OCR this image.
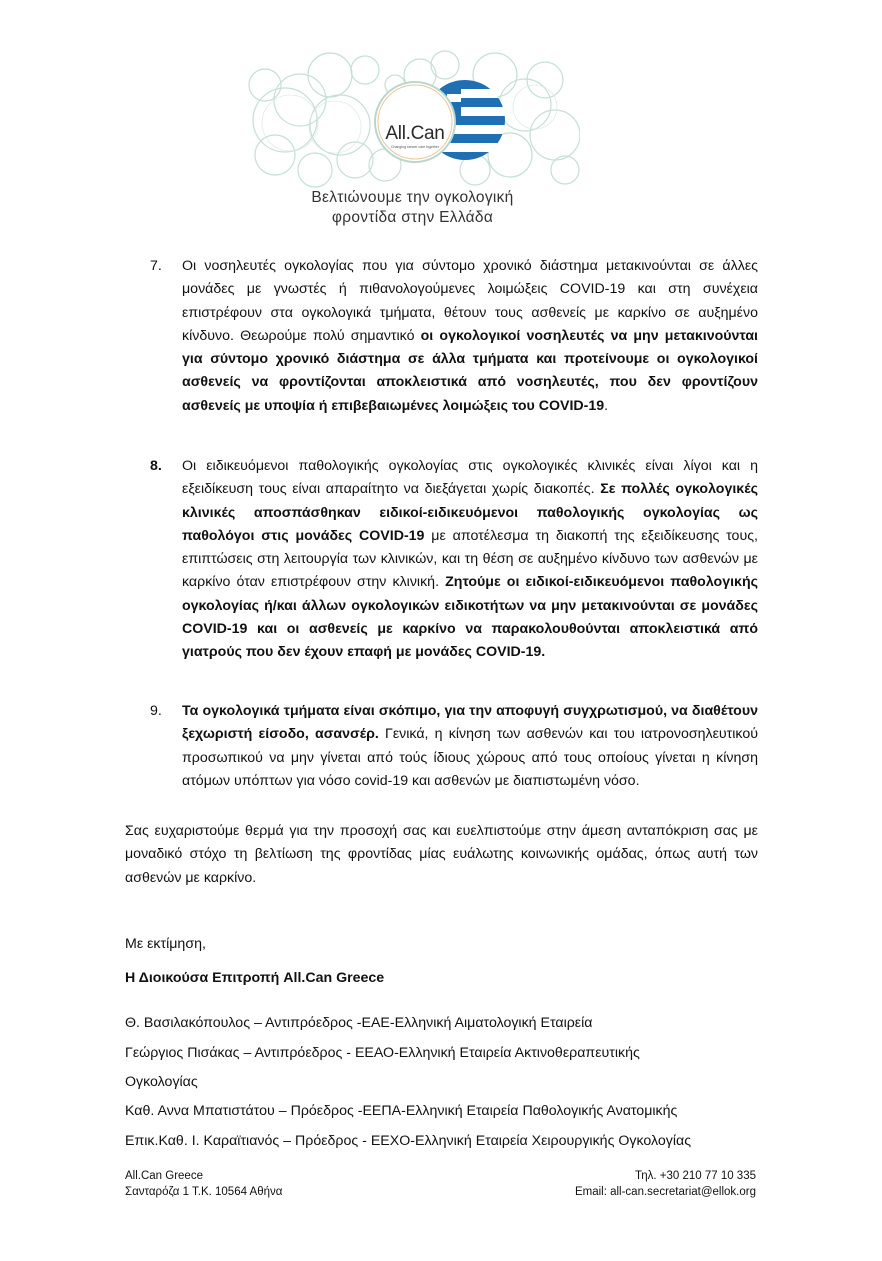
All.Can
Changing cancer care together
Βελτιώνουμε την ογκολογική
φροντίδα στην Ελλάδα
7.	Οι νοσηλευτές ογκολογίας που για σύντομο χρονικό διάστημα μετακινούνται σε άλλες μονάδες με γνωστές ή πιθανολογούμενες λοιμώξεις COVID-19 και στη συνέχεια επιστρέφουν στα ογκολογικά τμήματα, θέτουν τους ασθενείς με καρκίνο σε αυξημένο κίνδυνο. Θεωρούμε πολύ σημαντικό οι ογκολογικοί νοσηλευτές να μην μετακινούνται για σύντομο χρονικό διάστημα σε άλλα τμήματα και προτείνουμε οι ογκολογικοί ασθενείς να φροντίζονται αποκλειστικά από νοσηλευτές, που δεν φροντίζουν ασθενείς με υποψία ή επιβεβαιωμένες λοιμώξεις του COVID-19.
8.	Οι ειδικευόμενοι παθολογικής ογκολογίας στις ογκολογικές κλινικές είναι λίγοι και η εξειδίκευση τους είναι απαραίτητο να διεξάγεται χωρίς διακοπές. Σε πολλές ογκολογικές κλινικές αποσπάσθηκαν ειδικοί-ειδικευόμενοι παθολογικής ογκολογίας ως παθολόγοι στις μονάδες COVID-19 με αποτέλεσμα τη διακοπή της εξειδίκευσης τους, επιπτώσεις στη λειτουργία των κλινικών, και τη θέση σε αυξημένο κίνδυνο των ασθενών με καρκίνο όταν επιστρέφουν στην κλινική. Ζητούμε οι ειδικοί-ειδικευόμενοι παθολογικής ογκολογίας ή/και άλλων ογκολογικών ειδικοτήτων να μην μετακινούνται σε μονάδες COVID-19 και οι ασθενείς με καρκίνο να παρακολουθούνται αποκλειστικά από γιατρούς που δεν έχουν επαφή με μονάδες COVID-19.
9.	Τα ογκολογικά τμήματα είναι σκόπιμο, για την αποφυγή συγχρωτισμού, να διαθέτουν ξεχωριστή είσοδο, ασανσέρ. Γενικά, η κίνηση των ασθενών και του ιατρονοσηλευτικού προσωπικού να μην γίνεται από τούς ίδιους χώρους από τους οποίους γίνεται η κίνηση ατόμων υπόπτων για νόσο covid-19 και ασθενών με διαπιστωμένη νόσο.
Σας ευχαριστούμε θερμά για την προσοχή σας και ευελπιστούμε στην άμεση ανταπόκριση σας με μοναδικό στόχο τη βελτίωση της φροντίδας μίας ευάλωτης κοινωνικής ομάδας, όπως αυτή των ασθενών με καρκίνο.
Με εκτίμηση,
Η Διοικούσα Επιτροπή All.Can Greece
Θ. Βασιλακόπουλος – Αντιπρόεδρος -ΕΑΕ-Ελληνική Αιματολογική Εταιρεία
Γεώργιος Πισάκας – Αντιπρόεδρος - ΕΕΑΟ-Ελληνική Εταιρεία Ακτινοθεραπευτικής
Ογκολογίας
Καθ. Αννα Μπατιστάτου – Πρόεδρος -ΕΕΠΑ-Ελληνική Εταιρεία Παθολογικής Ανατομικής
Επικ.Καθ. Ι. Καραϊτιανός – Πρόεδρος - ΕΕΧΟ-Ελληνική Εταιρεία Χειρουργικής Ογκολογίας
All.Can Greece
Σανταρόζα 1 Τ.Κ. 10564 Αθήνα
Τηλ. +30 210 77 10 335
Email: all-can.secretariat@ellok.org
